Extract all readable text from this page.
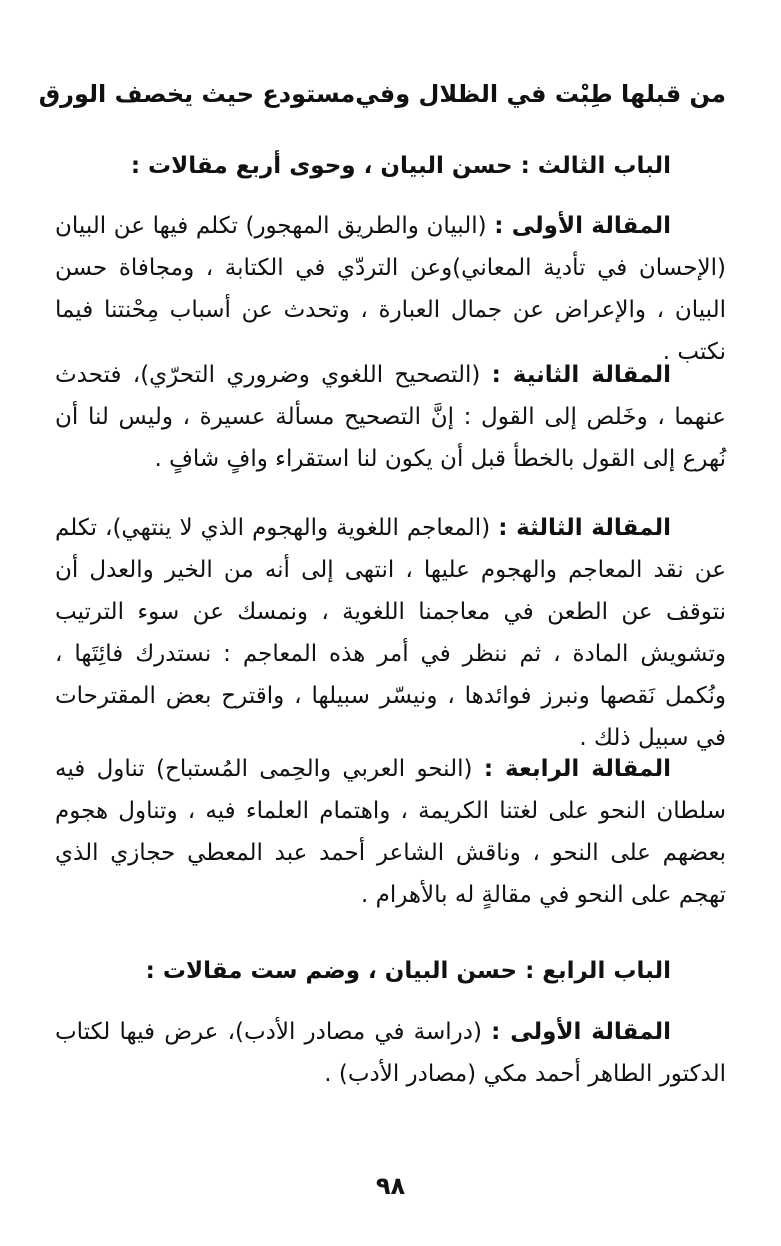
من قبلها طِبْت في الظلال وفي
مستودع حيث يخصف الورق
الباب الثالث : حسن البيان ، وحوى أربع مقالات :
المقالة الأولى : (البيان والطريق المهجور) تكلم فيها عن البيان (الإحسان في تأدية المعاني)وعن التردّي في الكتابة ، ومجافاة حسن البيان ، والإعراض عن جمال العبارة ، وتحدث عن أسباب مِحْنتنا فيما نكتب .
المقالة الثانية : (التصحيح اللغوي وضروري التحرّي)، فتحدث عنهما ، وخَلص إلى القول : إنَّ التصحيح مسألة عسيرة ، وليس لنا أن نُهرع إلى القول بالخطأ قبل أن يكون لنا استقراء وافٍ شافٍ .
المقالة الثالثة : (المعاجم اللغوية والهجوم الذي لا ينتهي)، تكلم عن نقد المعاجم والهجوم عليها ، انتهى إلى أنه من الخير والعدل أن نتوقف عن الطعن في معاجمنا اللغوية ، ونمسك عن سوء الترتيب وتشويش المادة ، ثم ننظر في أمر هذه المعاجم : نستدرك فائِتَها ، ونُكمل نَقصها ونبرز فوائدها ، ونيسّر سبيلها ، واقترح بعض المقترحات في سبيل ذلك .
المقالة الرابعة : (النحو العربي والحِمى المُستباح) تناول فيه سلطان النحو على لغتنا الكريمة ، واهتمام العلماء فيه ، وتناول هجوم بعضهم على النحو ، وناقش الشاعر أحمد عبد المعطي حجازي الذي تهجم على النحو في مقالةٍ له بالأهرام .
الباب الرابع : حسن البيان ، وضم ست مقالات :
المقالة الأولى : (دراسة في مصادر الأدب)، عرض فيها لكتاب الدكتور الطاهر أحمد مكي (مصادر الأدب) .
٩٨
